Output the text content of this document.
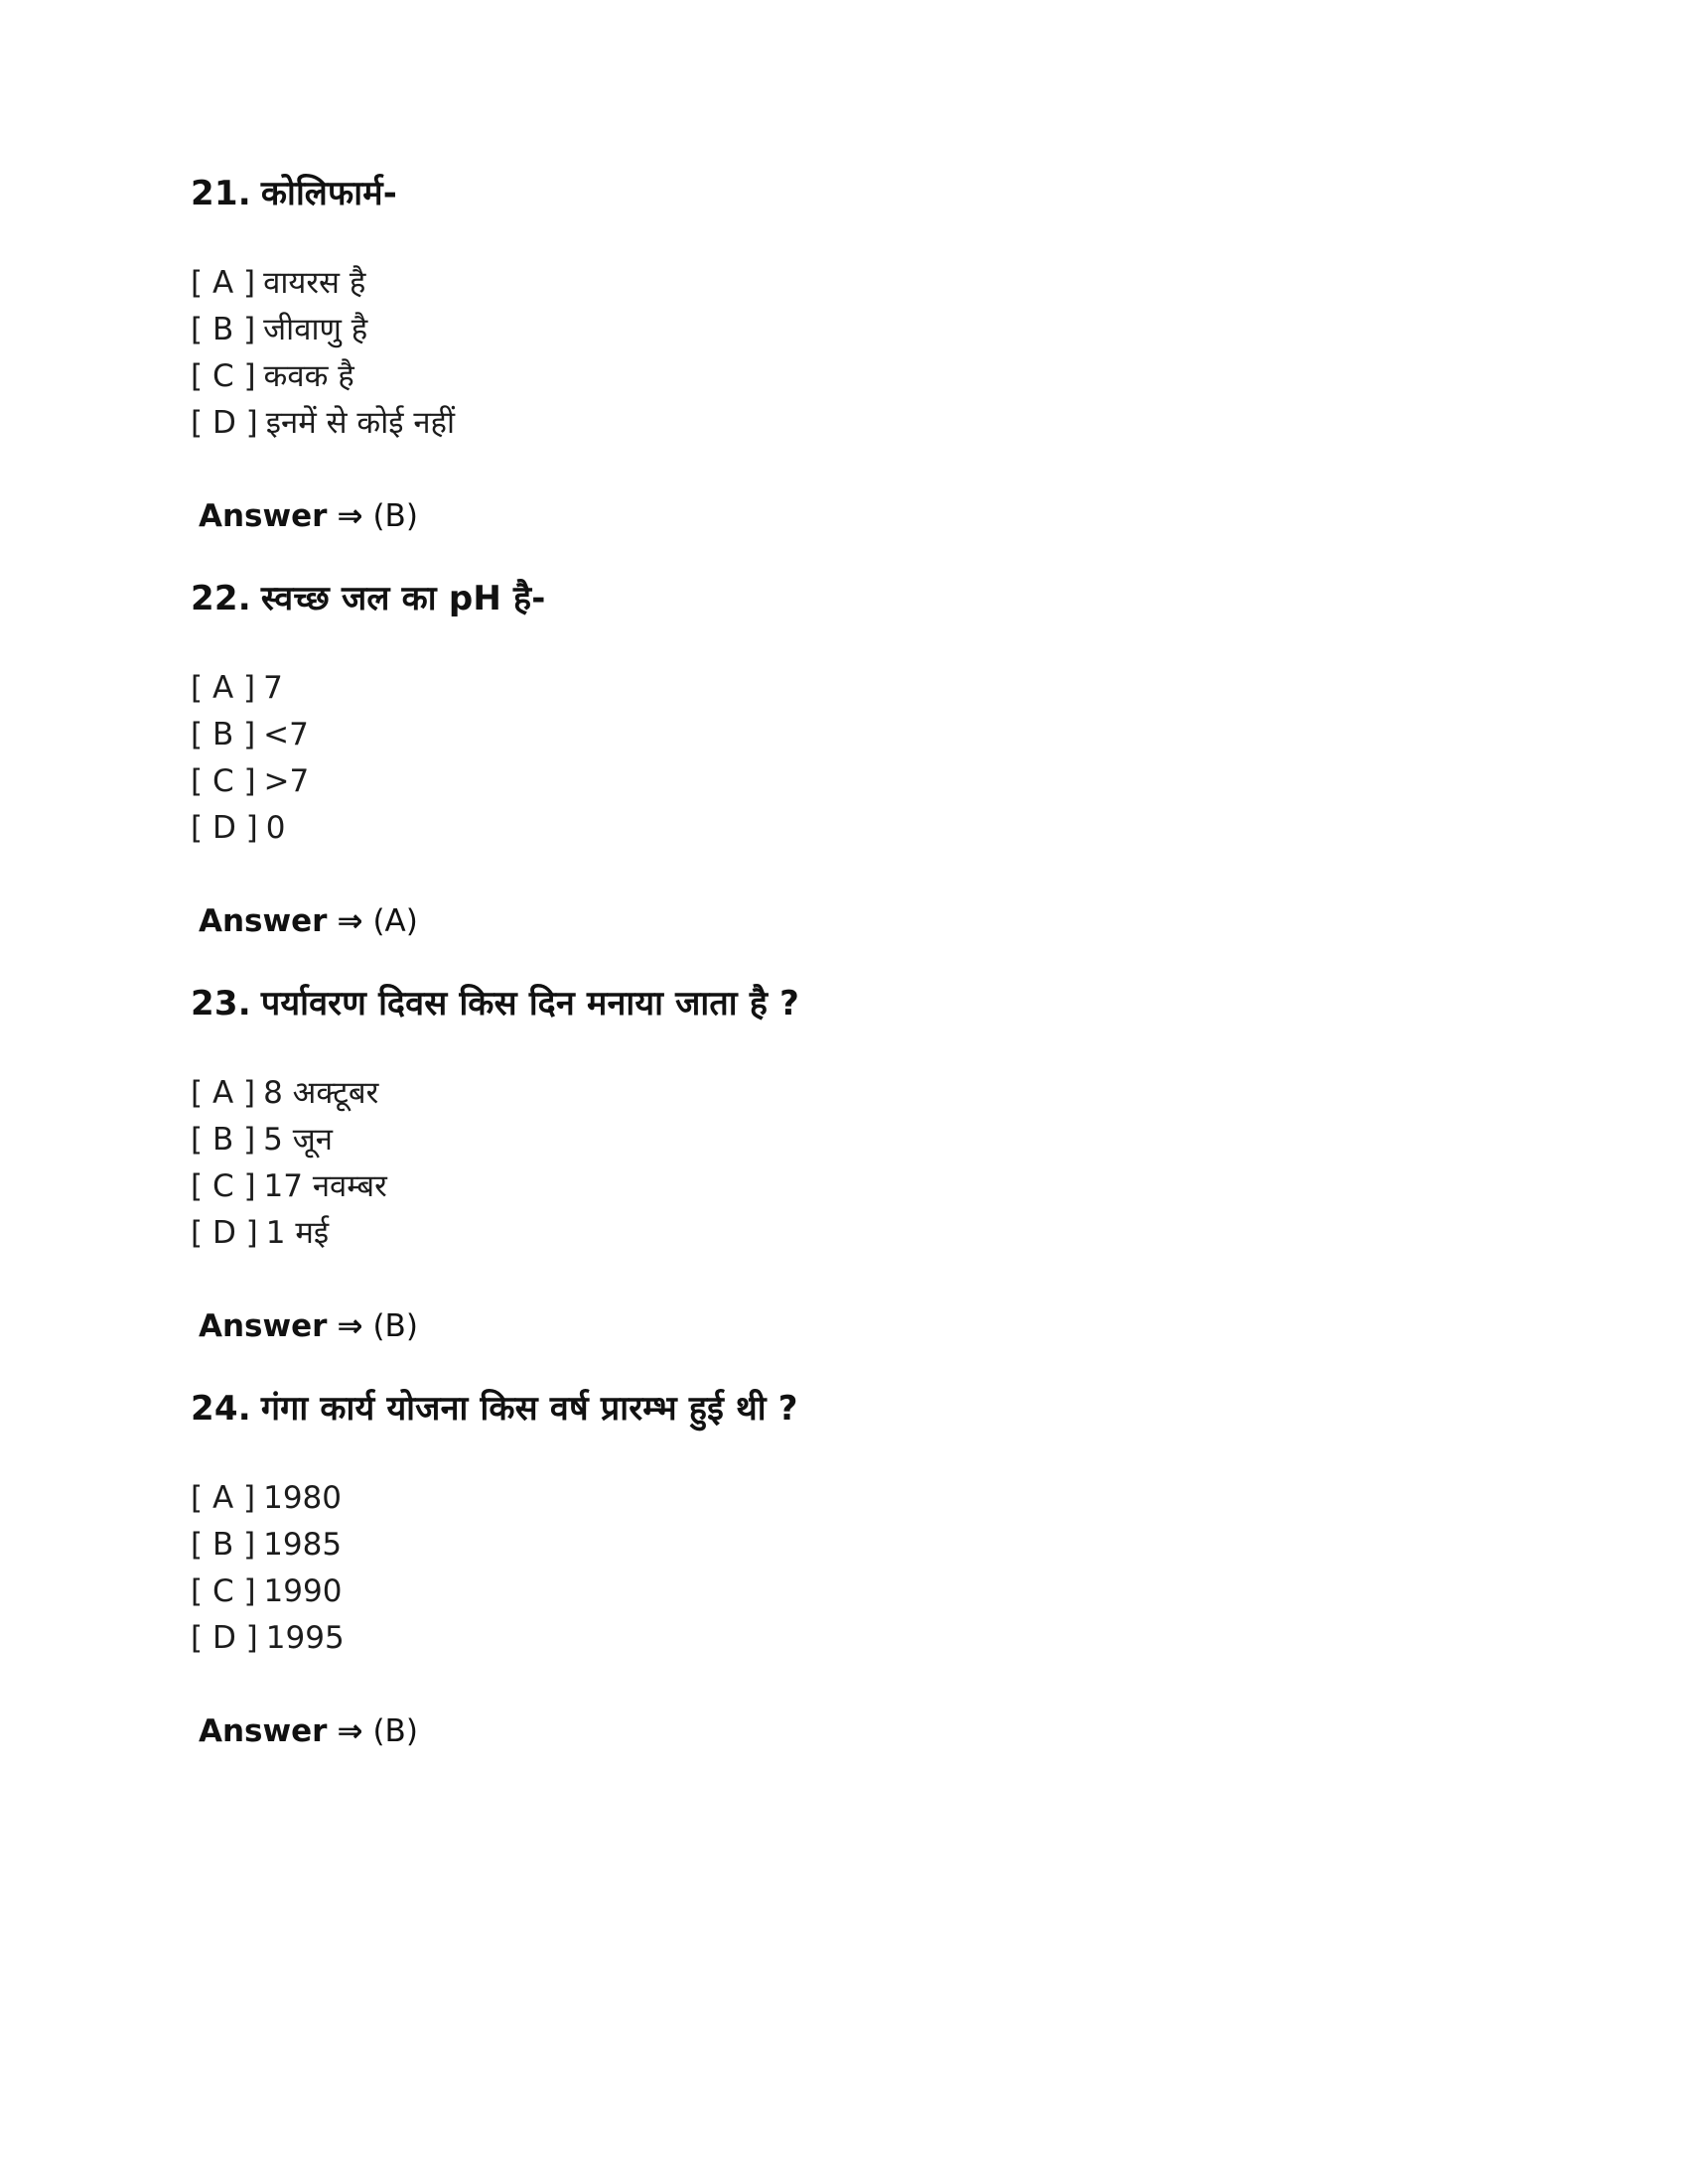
21. कोलिफार्म-
[ A ] वायरस है
[ B ] जीवाणु है
[ C ] कवक है
[ D ] इनमें से कोई नहीं

Answer ⇒ (B)

22. स्वच्छ जल का pH है-
[ A ] 7
[ B ] <7
[ C ] >7
[ D ] 0

Answer ⇒ (A)

23. पर्यावरण दिवस किस दिन मनाया जाता है ?
[ A ] 8 अक्टूबर
[ B ] 5 जून
[ C ] 17 नवम्बर
[ D ] 1 मई

Answer ⇒ (B)

24. गंगा कार्य योजना किस वर्ष प्रारम्भ हुई थी ?
[ A ] 1980
[ B ] 1985
[ C ] 1990
[ D ] 1995

Answer ⇒ (B)
